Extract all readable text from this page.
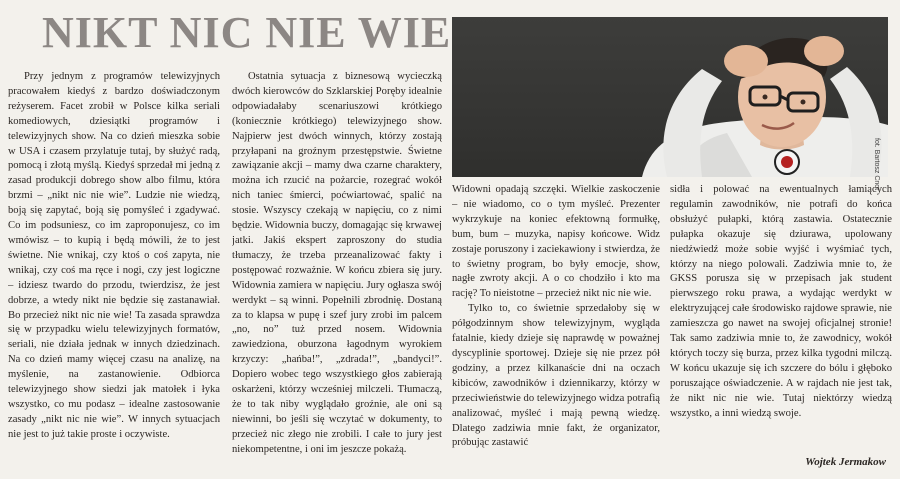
NIKT NIC NIE WIE
fot. Bartosz Cnot

Przy jednym z programów telewizyjnych pracowałem kiedyś z bardzo doświadczonym reżyserem. Facet zrobił w Polsce kilka seriali komediowych, dziesiątki programów i telewizyjnych show. Na co dzień mieszka sobie w USA i czasem przylatuje tutaj, by służyć radą, pomocą i złotą myślą. Kiedyś sprzedał mi jedną z zasad produkcji dobrego show albo filmu, która brzmi – „nikt nic nie wie”. Ludzie nie wiedzą, boją się zapytać, boją się pomyśleć i zgadywać. Co im podsuniesz, co im zaproponujesz, co im wmówisz – to kupią i będą mówili, że to jest świetne. Nie wnikaj, czy ktoś o coś zapyta, nie wnikaj, czy coś ma ręce i nogi, czy jest logiczne – idziesz twardo do przodu, twierdzisz, że jest dobrze, a wtedy nikt nie będzie się zastanawiał. Bo przecież nikt nic nie wie! Ta zasada sprawdza się w przypadku wielu telewizyjnych formatów, seriali, nie działa jednak w innych dziedzinach. Na co dzień mamy więcej czasu na analizę, na myślenie, na zastanowienie. Odbiorca telewizyjnego show siedzi jak matołek i łyka wszystko, co mu podasz – idealne zastosowanie zasady „nikt nic nie wie”. W innych sytuacjach nie jest to już takie proste i oczywiste.

Ostatnia sytuacja z biznesową wycieczką dwóch kierowców do Szklarskiej Poręby idealnie odpowiadałaby scenariuszowi krótkiego (koniecznie krótkiego) telewizyjnego show. Najpierw jest dwóch winnych, którzy zostają przyłapani na groźnym przestępstwie. Świetne zawiązanie akcji – mamy dwa czarne charaktery, można ich rzucić na pożarcie, rozegrać wokół nich taniec śmierci, poćwiartować, spalić na stosie. Wszyscy czekają w napięciu, co z nimi będzie. Widownia buczy, domagając się krwawej jatki. Jakiś ekspert zaproszony do studia tłumaczy, że trzeba przeanalizować fakty i postępować rozważnie. W końcu zbiera się jury. Widownia zamiera w napięciu. Jury ogłasza swój werdykt – są winni. Popełnili zbrodnię. Dostaną za to klapsa w pupę i szef jury zrobi im palcem „no, no” tuż przed nosem. Widownia zawiedziona, oburzona łagodnym wyrokiem krzyczy: „hańba!”, „zdrada!”, „bandyci!”. Dopiero wobec tego wszystkiego głos zabierają oskarżeni, którzy wcześniej milczeli. Tłumaczą, że to tak niby wyglądało groźnie, ale oni są niewinni, bo jeśli się wczytać w dokumenty, to przecież nic złego nie zrobili. I całe to jury jest niekompetentne, i oni im jeszcze pokażą.

Widowni opadają szczęki. Wielkie zaskoczenie – nie wiadomo, co o tym myśleć. Prezenter wykrzykuje na koniec efektowną formułkę, bum, bum – muzyka, napisy końcowe. Widz zostaje poruszony i zaciekawiony i stwierdza, że to świetny program, bo były emocje, show, nagłe zwroty akcji. A o co chodziło i kto ma rację? To nieistotne – przecież nikt nic nie wie.

Tylko to, co świetnie sprzedałoby się w półgodzinnym show telewizyjnym, wygląda fatalnie, kiedy dzieje się naprawdę w poważnej dyscyplinie sportowej. Dzieje się nie przez pół godziny, a przez kilkanaście dni na oczach kibiców, zawodników i dziennikarzy, którzy w przeciwieństwie do telewizyjnego widza potrafią analizować, myśleć i mają pewną wiedzę. Dlatego zadziwia mnie fakt, że organizator, próbując zastawić

sidła i polować na ewentualnych łamiących regulamin zawodników, nie potrafi do końca obsłużyć pułapki, którą zastawia. Ostatecznie pułapka okazuje się dziurawa, upolowany niedźwiedź może sobie wyjść i wyśmiać tych, którzy na niego polowali. Zadziwia mnie to, że GKSS porusza się w przepisach jak student pierwszego roku prawa, a wydając werdykt w elektryzującej całe środowisko rajdowe sprawie, nie zamieszcza go nawet na swojej oficjalnej stronie! Tak samo zadziwia mnie to, że zawodnicy, wokół których toczy się burza, przez kilka tygodni milczą. W końcu ukazuje się ich szczere do bólu i głęboko poruszające oświadczenie. A w rajdach nie jest tak, że nikt nic nie wie. Tutaj niektórzy wiedzą wszystko, a inni wiedzą swoje.

Wojtek Jermakow
